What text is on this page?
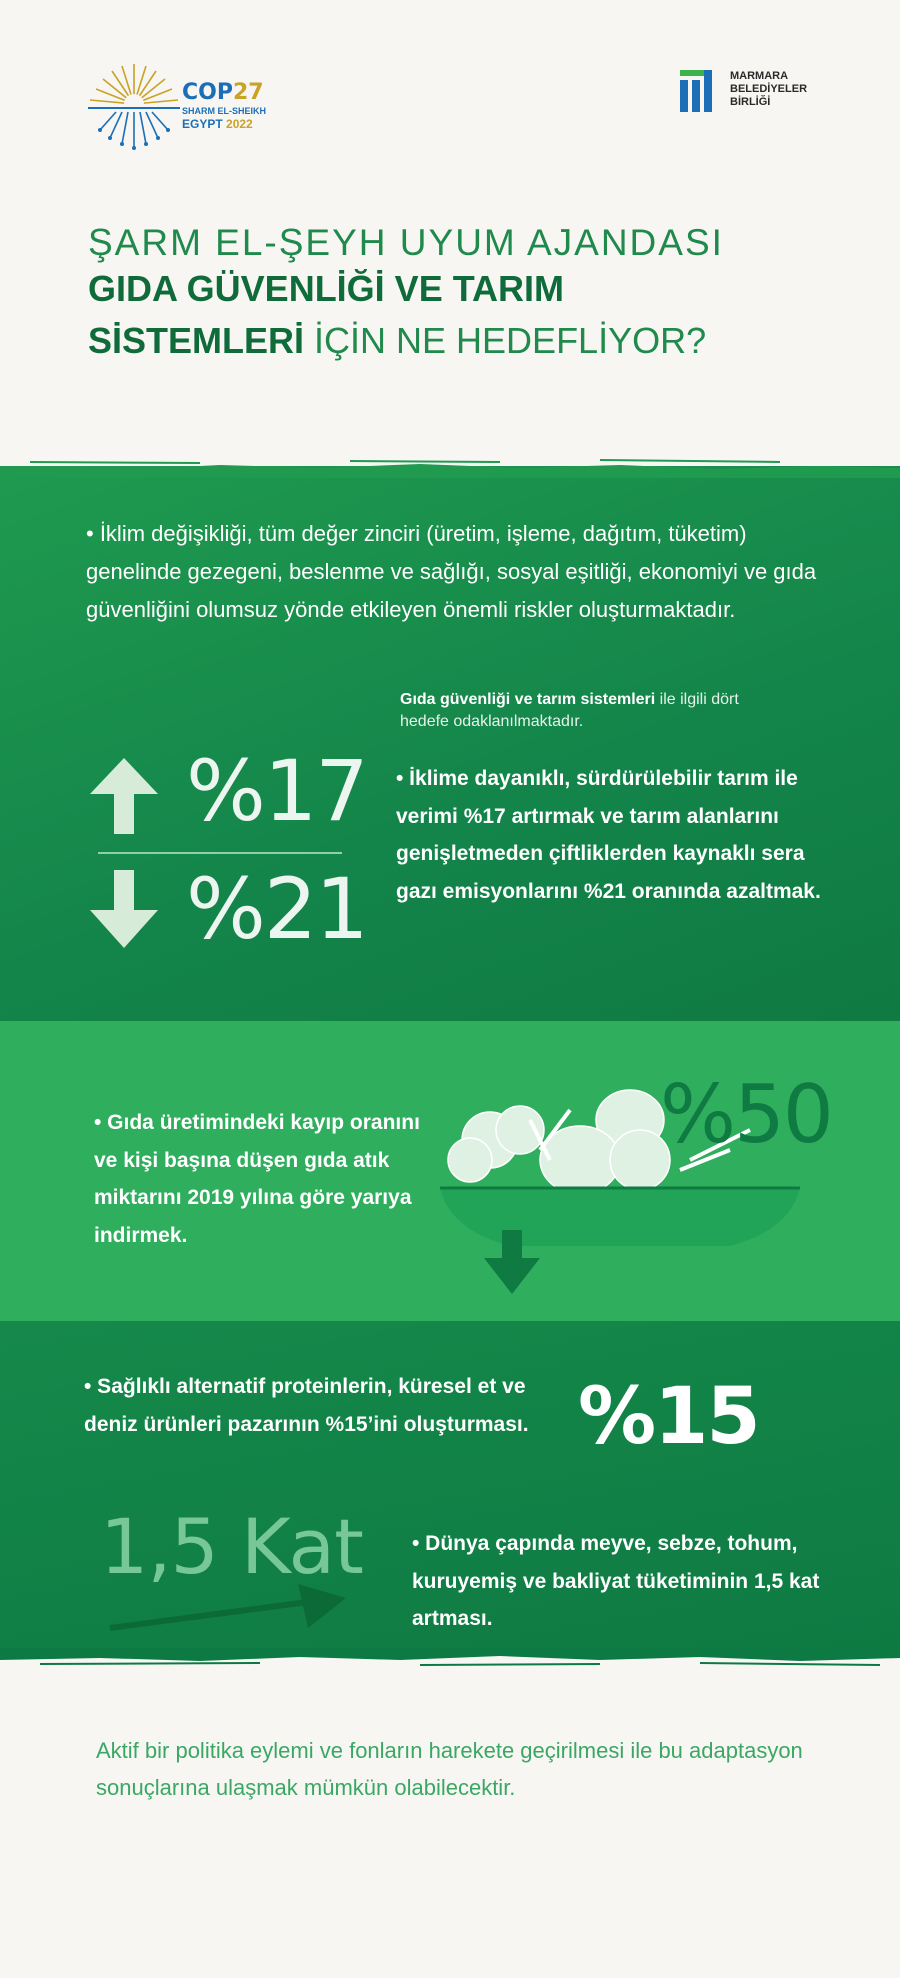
COP27
SHARM EL-SHEIKH
EGYPT 2022
MARMARA
BELEDİYELER
BİRLİĞİ
ŞARM EL-ŞEYH UYUM AJANDASI
GIDA GÜVENLİĞİ VE TARIM
SİSTEMLERİ İÇİN NE HEDEFLİYOR?
• İklim değişikliği, tüm değer zinciri (üretim, işleme, dağıtım, tüketim) genelinde gezegeni, beslenme ve sağlığı, sosyal eşitliği, ekonomiyi ve gıda güvenliğini olumsuz yönde etkileyen önemli riskler oluşturmaktadır.
Gıda güvenliği ve tarım sistemleri ile ilgili dört hedefe odaklanılmaktadır.
%17
%21
• İklime dayanıklı, sürdürülebilir tarım ile verimi %17 artırmak ve tarım alanlarını genişletmeden çiftliklerden kaynaklı sera gazı emisyonlarını %21 oranında azaltmak.
• Gıda üretimindeki kayıp oranını ve kişi başına düşen gıda atık miktarını 2019 yılına göre yarıya indirmek.
%50
• Sağlıklı alternatif proteinlerin, küresel et ve deniz ürünleri pazarının %15’ini oluşturması. %15
1,5 Kat • Dünya çapında meyve, sebze, tohum, kuruyemiş ve bakliyat tüketiminin 1,5 kat artması.
Aktif bir politika eylemi ve fonların harekete geçirilmesi ile bu adaptasyon sonuçlarına ulaşmak mümkün olabilecektir.
